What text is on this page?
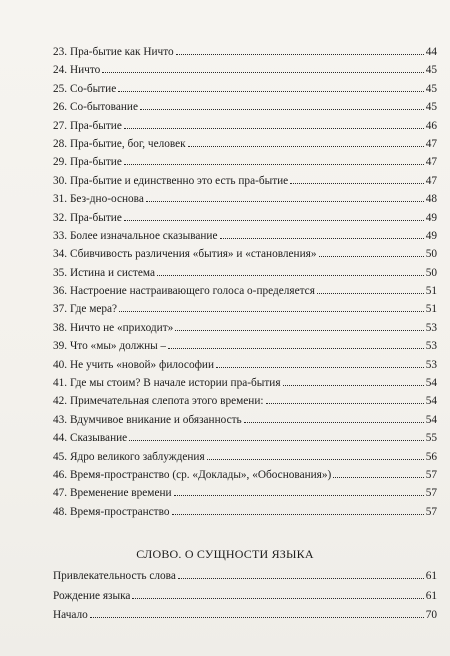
23. Пра-бытие как Ничто	44
24. Ничто	45
25. Со-бытие	45
26. Со-бытование	45
27. Пра-бытие	46
28. Пра-бытие, бог, человек	47
29. Пра-бытие	47
30. Пра-бытие и единственно это есть пра-бытие	47
31. Без-дно-основа	48
32. Пра-бытие	49
33. Более изначальное сказывание	49
34. Сбивчивость различения «бытия» и «становления»	50
35. Истина и система	50
36. Настроение настраивающего голоса о-пределяется	51
37. Где мера?	51
38. Ничто не «приходит»	53
39. Что «мы» должны –	53
40. Не учить «новой» философии	53
41. Где мы стоим? В начале истории пра-бытия	54
42. Примечательная слепота этого времени:	54
43. Вдумчивое вникание и обязанность	54
44. Сказывание	55
45. Ядро великого заблуждения	56
46. Время-пространство (ср. «Доклады», «Обоснования»)	57
47. Временение времени	57
48. Время-пространство	57
СЛОВО. О СУЩНОСТИ ЯЗЫКА
Привлекательность слова	61
Рождение языка	61
Начало	70
